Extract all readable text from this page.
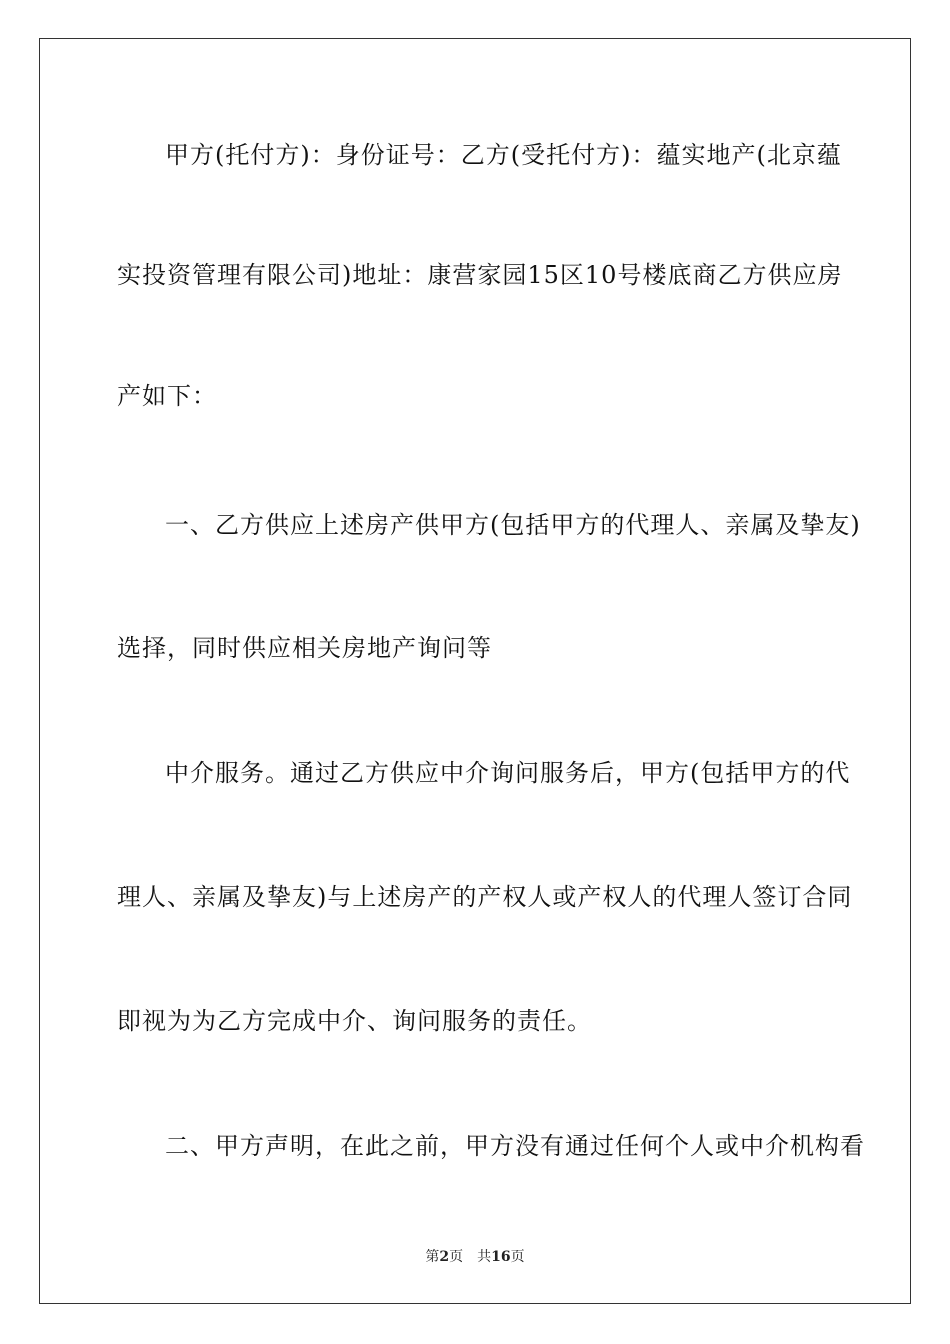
甲方(托付方)：身份证号：乙方(受托付方)：蕴实地产(北京蕴
实投资管理有限公司)地址：康营家园15区10号楼底商乙方供应房
产如下：
一、乙方供应上述房产供甲方(包括甲方的代理人、亲属及挚友)
选择，同时供应相关房地产询问等
中介服务。通过乙方供应中介询问服务后，甲方(包括甲方的代
理人、亲属及挚友)与上述房产的产权人或产权人的代理人签订合同
即视为为乙方完成中介、询问服务的责任。
二、甲方声明，在此之前，甲方没有通过任何个人或中介机构看
第2页 共16页
